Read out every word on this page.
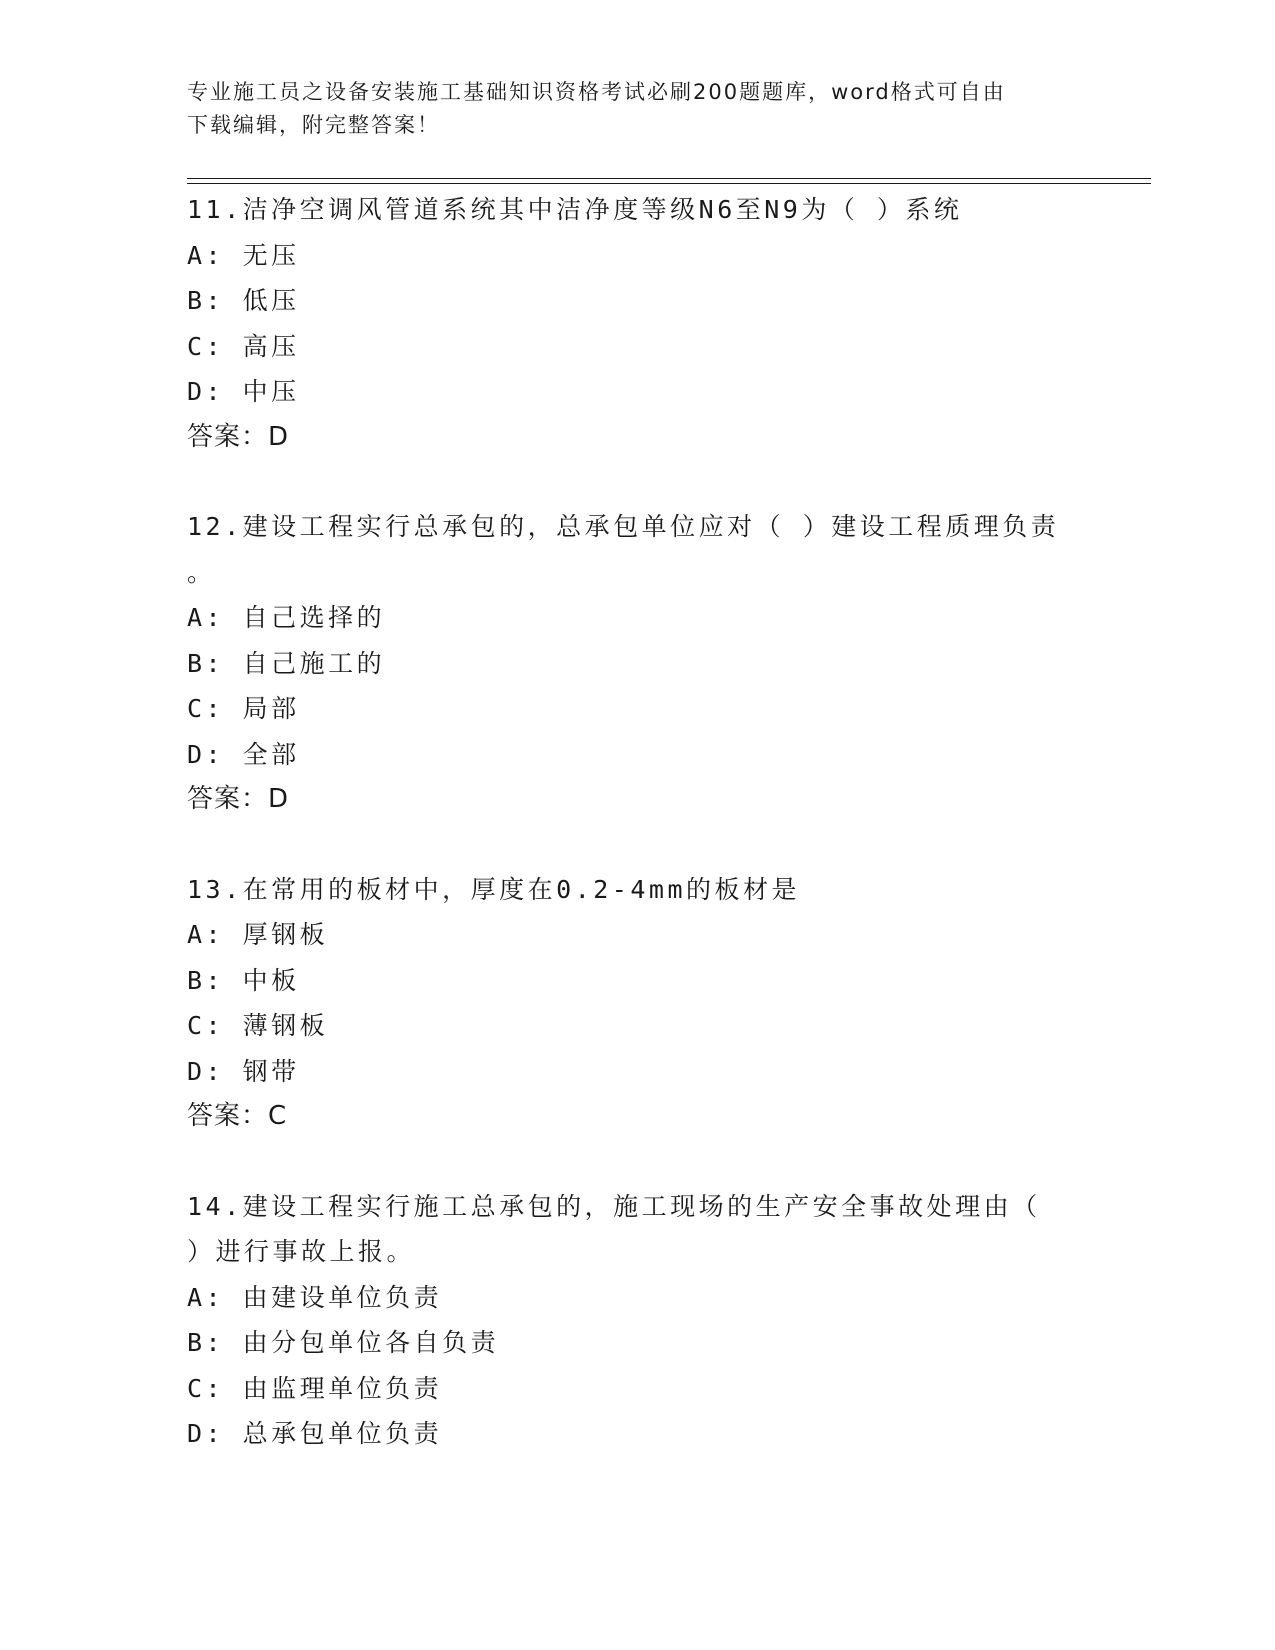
专业施工员之设备安装施工基础知识资格考试必刷200题题库，word格式可自由
下载编辑，附完整答案！
11.洁净空调风管道系统其中洁净度等级N6至N9为（ ）系统
A: 无压
B: 低压
C: 高压
D: 中压
答案：D
12.建设工程实行总承包的，总承包单位应对（ ）建设工程质理负责
。
A: 自己选择的
B: 自己施工的
C: 局部
D: 全部
答案：D
13.在常用的板材中，厚度在0.2-4mm的板材是
A: 厚钢板
B: 中板
C: 薄钢板
D: 钢带
答案：C
14.建设工程实行施工总承包的，施工现场的生产安全事故处理由（
）进行事故上报。
A: 由建设单位负责
B: 由分包单位各自负责
C: 由监理单位负责
D: 总承包单位负责
